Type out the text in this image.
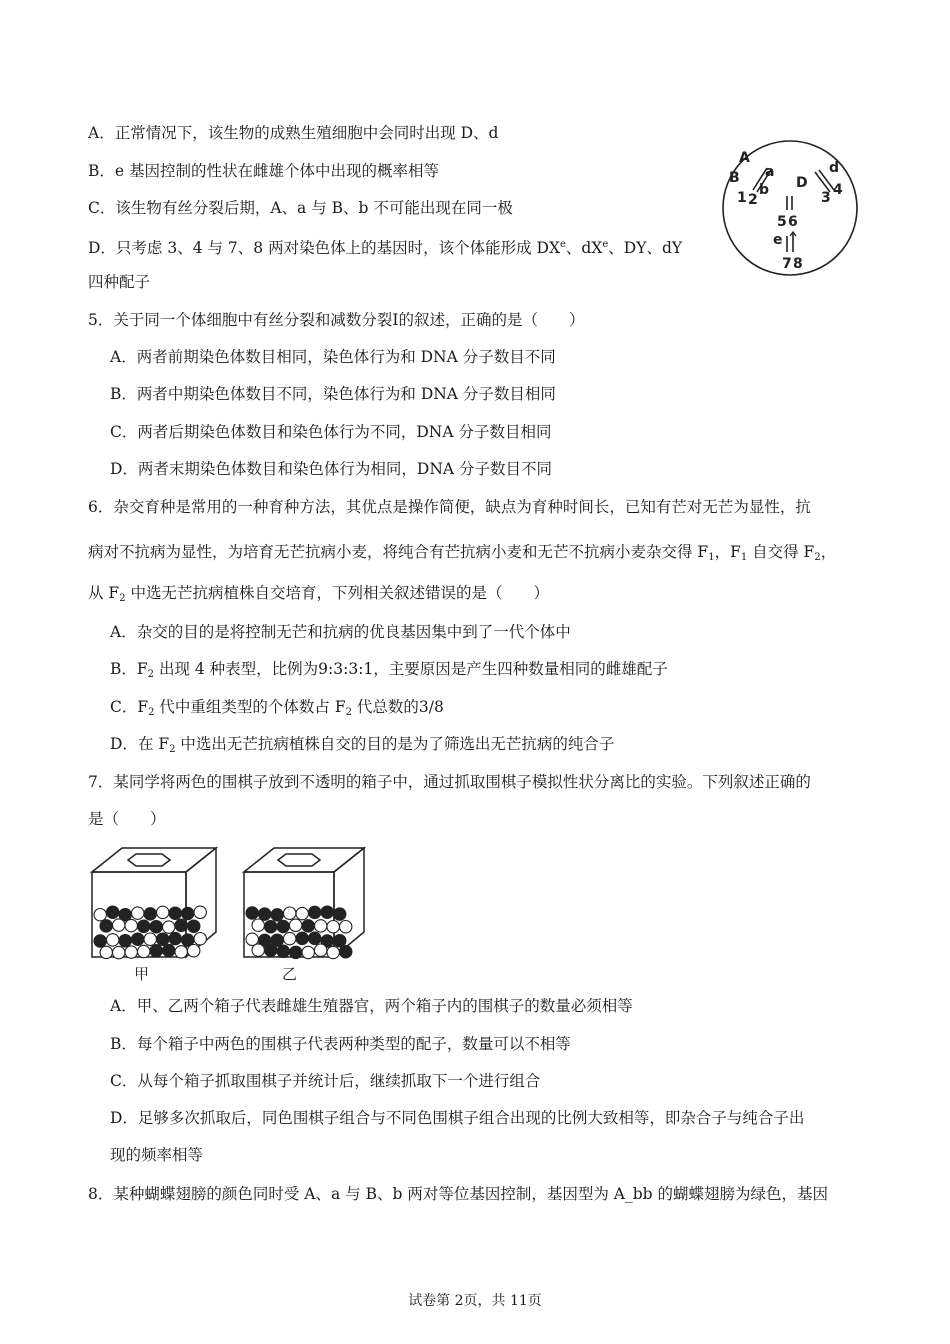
A．正常情况下，该生物的成熟生殖细胞中会同时出现 D、d
B．e 基因控制的性状在雌雄个体中出现的概率相等
C．该生物有丝分裂后期，A、a 与 B、b 不可能出现在同一极
D．只考虑 3、4 与 7、8 两对染色体上的基因时，该个体能形成 DXe、$dX^e$、DY、dY
四种配子
A
a
B
b
1 2
D
d
3 4
5 6
e
7 8
5．关于同一个体细胞中有丝分裂和减数分裂Ⅰ的叙述，正确的是（　　）
A．两者前期染色体数目相同，染色体行为和 DNA 分子数目不同
B．两者中期染色体数目不同，染色体行为和 DNA 分子数目相同
C．两者后期染色体数目和染色体行为不同，DNA 分子数目相同
D．两者末期染色体数目和染色体行为相同，DNA 分子数目不同
6．杂交育种是常用的一种育种方法，其优点是操作简便，缺点为育种时间长，已知有芒对无芒为显性，抗
病对不抗病为显性，为培育无芒抗病小麦，将纯合有芒抗病小麦和无芒不抗病小麦杂交得 $F_1$，$F_1$ 自交得 $F_2$，
从 $F_2$ 中选无芒抗病植株自交培育，下列相关叙述错误的是（　　）
A．杂交的目的是将控制无芒和抗病的优良基因集中到了一代个体中
B．$F_2$ 出现 4 种表型，比例为9:3:3:1，主要原因是产生四种数量相同的雌雄配子
C．$F_2$ 代中重组类型的个体数占 $F_2$ 代总数的3/8
D．在 $F_2$ 中选出无芒抗病植株自交的目的是为了筛选出无芒抗病的纯合子
7．某同学将两色的围棋子放到不透明的箱子中，通过抓取围棋子模拟性状分离比的实验。下列叙述正确的
是（　　）
甲	乙
A．甲、乙两个箱子代表雌雄生殖器官，两个箱子内的围棋子的数量必须相等
B．每个箱子中两色的围棋子代表两种类型的配子，数量可以不相等
C．从每个箱子抓取围棋子并统计后，继续抓取下一个进行组合
D．足够多次抓取后，同色围棋子组合与不同色围棋子组合出现的比例大致相等，即杂合子与纯合子出
现的频率相等
8．某种蝴蝶翅膀的颜色同时受 A、a 与 B、b 两对等位基因控制，基因型为 A_bb 的蝴蝶翅膀为绿色，基因
试卷第 2页，共 11页
